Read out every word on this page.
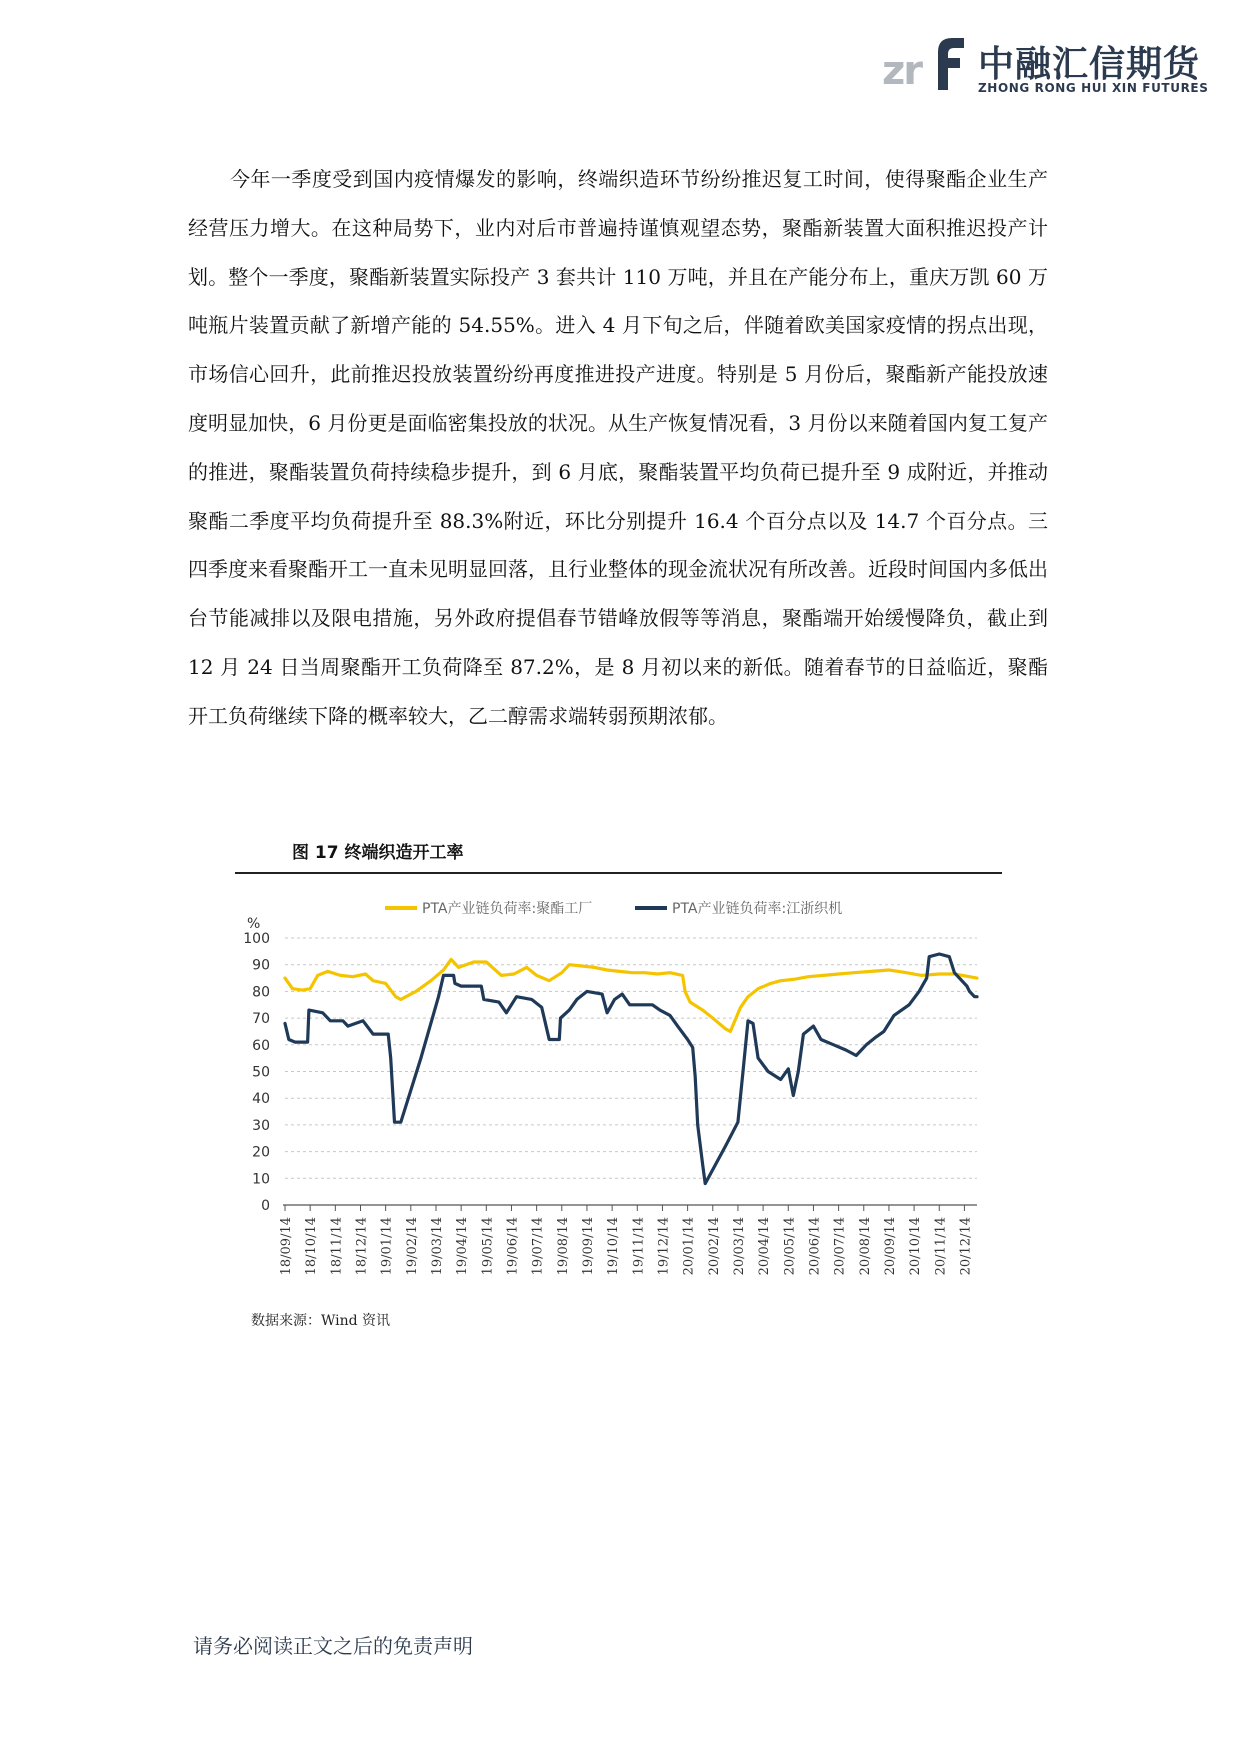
zr 中融汇信期货
ZHONG RONG HUI XIN FUTURES

今年一季度受到国内疫情爆发的影响，终端织造环节纷纷推迟复工时间，使得聚酯企业生产经营压力增大。在这种局势下，业内对后市普遍持谨慎观望态势，聚酯新装置大面积推迟投产计划。整个一季度，聚酯新装置实际投产 3 套共计 110 万吨，并且在产能分布上，重庆万凯 60 万吨瓶片装置贡献了新增产能的 54.55%。进入 4 月下旬之后，伴随着欧美国家疫情的拐点出现，市场信心回升，此前推迟投放装置纷纷再度推进投产进度。特别是 5 月份后，聚酯新产能投放速度明显加快，6 月份更是面临密集投放的状况。从生产恢复情况看，3 月份以来随着国内复工复产的推进，聚酯装置负荷持续稳步提升，到 6 月底，聚酯装置平均负荷已提升至 9 成附近，并推动聚酯二季度平均负荷提升至 88.3%附近，环比分别提升 16.4 个百分点以及 14.7 个百分点。三四季度来看聚酯开工一直未见明显回落，且行业整体的现金流状况有所改善。近段时间国内多低出台节能减排以及限电措施，另外政府提倡春节错峰放假等等消息，聚酯端开始缓慢降负，截止到 12 月 24 日当周聚酯开工负荷降至 87.2%，是 8 月初以来的新低。随着春节的日益临近，聚酯开工负荷继续下降的概率较大，乙二醇需求端转弱预期浓郁。

图 17 终端织造开工率
PTA产业链负荷率:聚酯工厂	PTA产业链负荷率:江浙织机
%
0
10
20
30
40
50
60
70
80
90
100
18/09/14 18/10/14 18/11/14 18/12/14 19/01/14 19/02/14 19/03/14 19/04/14 19/05/14 19/06/14 19/07/14 19/08/14 19/09/14 19/10/14 19/11/14 19/12/14 20/01/14 20/02/14 20/03/14 20/04/14 20/05/14 20/06/14 20/07/14 20/08/14 20/09/14 20/10/14 20/11/14 20/12/14
数据来源：Wind 资讯
请务必阅读正文之后的免责声明
